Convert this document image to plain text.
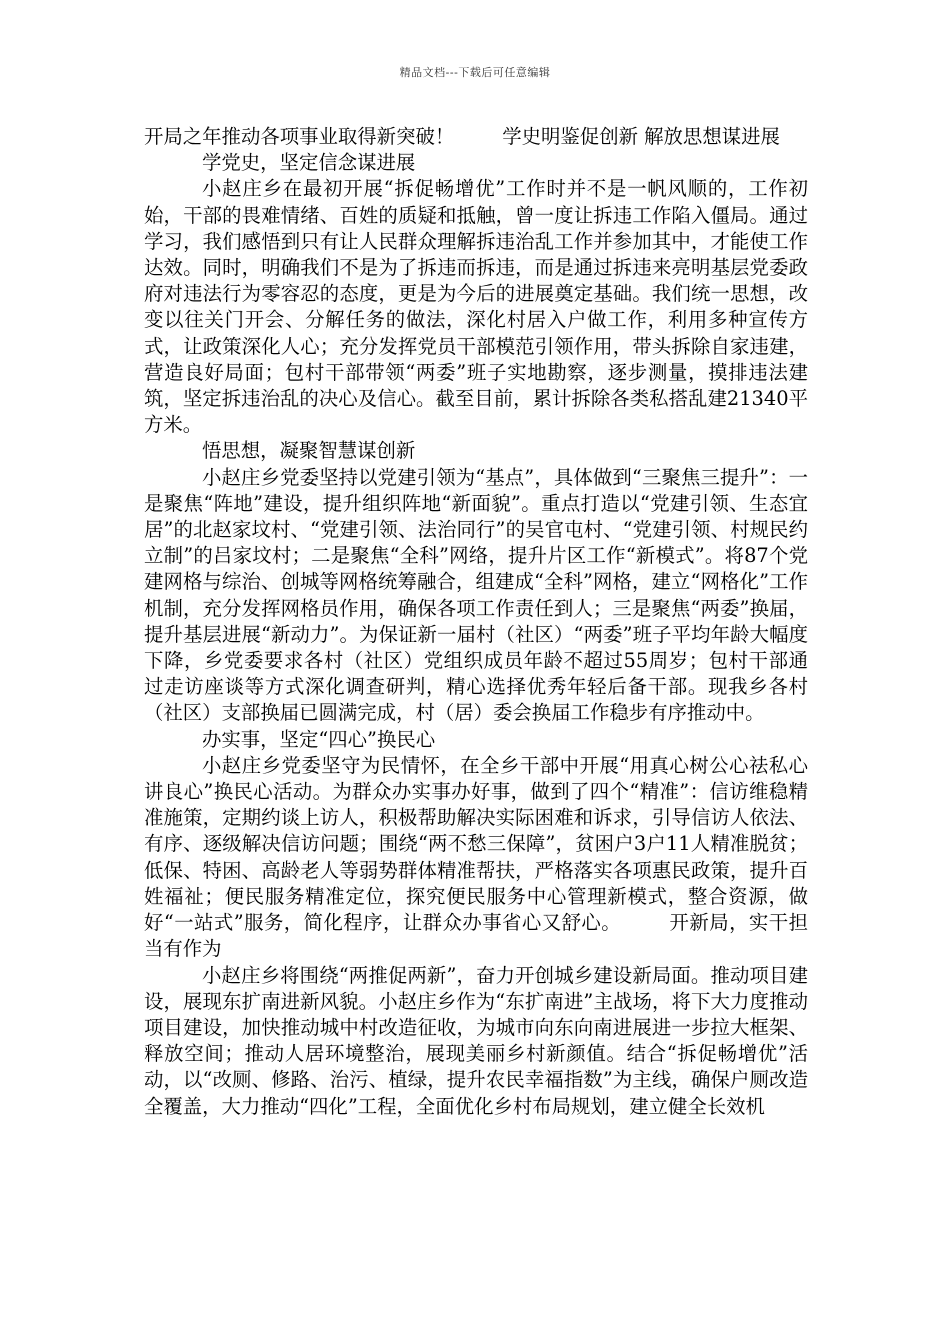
精品文档---下载后可任意编辑

开局之年推动各项事业取得新突破！ 学史明鉴促创新 解放思想谋进展

学党史，坚定信念谋进展

小赵庄乡在最初开展“拆促畅增优”工作时并不是一帆风顺的，工作初始，干部的畏难情绪、百姓的质疑和抵触，曾一度让拆违工作陷入僵局。通过学习，我们感悟到只有让人民群众理解拆违治乱工作并参加其中，才能使工作达效。同时，明确我们不是为了拆违而拆违，而是通过拆违来亮明基层党委政府对违法行为零容忍的态度，更是为今后的进展奠定基础。我们统一思想，改变以往关门开会、分解任务的做法，深化村居入户做工作，利用多种宣传方式，让政策深化人心；充分发挥党员干部模范引领作用，带头拆除自家违建，营造良好局面；包村干部带领“两委”班子实地勘察，逐步测量，摸排违法建筑，坚定拆违治乱的决心及信心。截至目前，累计拆除各类私搭乱建21340平方米。

悟思想，凝聚智慧谋创新

小赵庄乡党委坚持以党建引领为“基点”，具体做到“三聚焦三提升”：一是聚焦“阵地”建设，提升组织阵地“新面貌”。重点打造以“党建引领、生态宜居”的北赵家坟村、“党建引领、法治同行”的吴官屯村、“党建引领、村规民约立制”的吕家坟村；二是聚焦“全科”网络，提升片区工作“新模式”。将87个党建网格与综治、创城等网格统筹融合，组建成“全科”网格，建立“网格化”工作机制，充分发挥网格员作用，确保各项工作责任到人；三是聚焦“两委”换届，提升基层进展“新动力”。为保证新一届村（社区）“两委”班子平均年龄大幅度下降，乡党委要求各村（社区）党组织成员年龄不超过55周岁；包村干部通过走访座谈等方式深化调查研判，精心选择优秀年轻后备干部。现我乡各村（社区）支部换届已圆满完成，村（居）委会换届工作稳步有序推动中。

办实事，坚定“四心”换民心

小赵庄乡党委坚守为民情怀，在全乡干部中开展“用真心树公心祛私心讲良心”换民心活动。为群众办实事办好事，做到了四个“精准”：信访维稳精准施策，定期约谈上访人，积极帮助解决实际困难和诉求，引导信访人依法、有序、逐级解决信访问题；围绕“两不愁三保障”，贫困户3户11人精准脱贫；低保、特困、高龄老人等弱势群体精准帮扶，严格落实各项惠民政策，提升百姓福祉；便民服务精准定位，探究便民服务中心管理新模式，整合资源，做好“一站式”服务，简化程序，让群众办事省心又舒心。 开新局，实干担当有作为

小赵庄乡将围绕“两推促两新”，奋力开创城乡建设新局面。推动项目建设，展现东扩南进新风貌。小赵庄乡作为“东扩南进”主战场，将下大力度推动项目建设，加快推动城中村改造征收，为城市向东向南进展进一步拉大框架、释放空间；推动人居环境整治，展现美丽乡村新颜值。结合“拆促畅增优”活动，以“改厕、修路、治污、植绿，提升农民幸福指数”为主线，确保户厕改造全覆盖，大力推动“四化”工程，全面优化乡村布局规划，建立健全长效机
